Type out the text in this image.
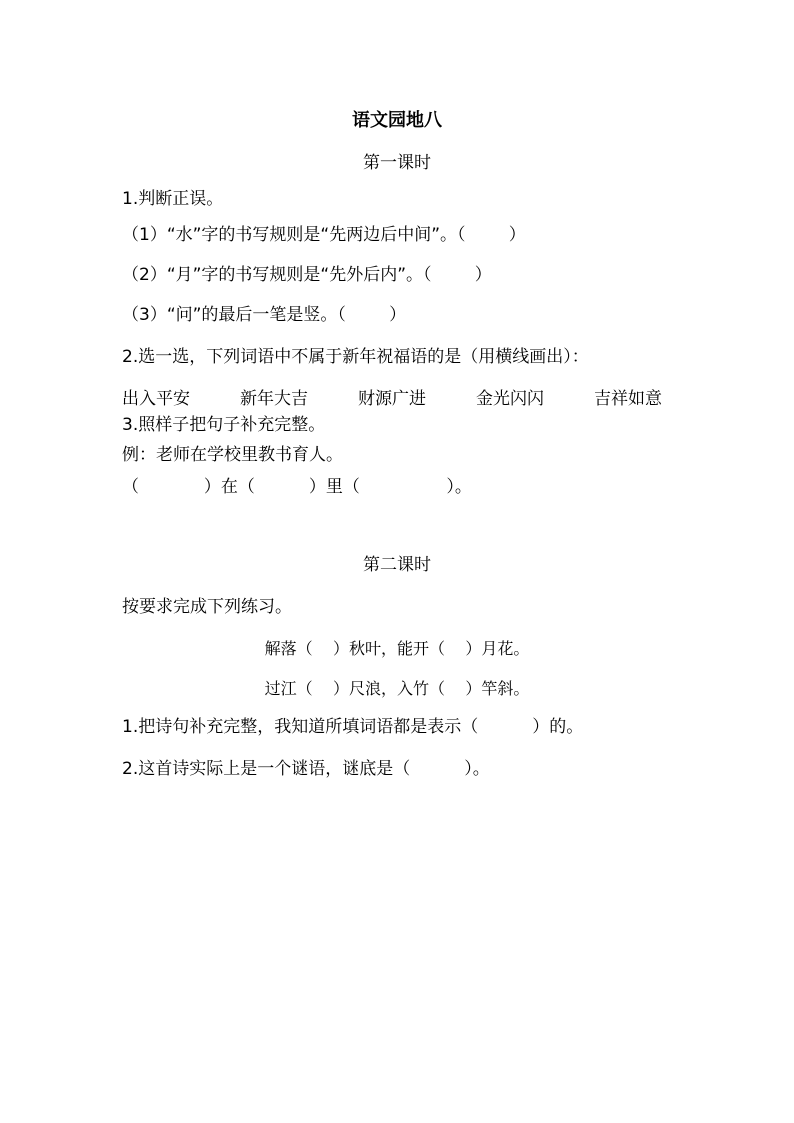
语文园地八
第一课时
1.判断正误。
（1）“水”字的书写规则是“先两边后中间”。（        ）
（2）“月”字的书写规则是“先外后内”。（        ）
（3）“问”的最后一笔是竖。（        ）
2.选一选，下列词语中不属于新年祝福语的是（用横线画出）：
出入平安	新年大吉	财源广进	金光闪闪	吉祥如意
3.照样子把句子补充完整。
例：老师在学校里教书育人。
（            ）在（          ）里（                ）。
第二课时
按要求完成下列练习。
解落（    ）秋叶，能开（    ）月花。
过江（    ）尺浪，入竹（    ）竿斜。
1.把诗句补充完整，我知道所填词语都是表示（          ）的。
2.这首诗实际上是一个谜语，谜底是（          ）。
